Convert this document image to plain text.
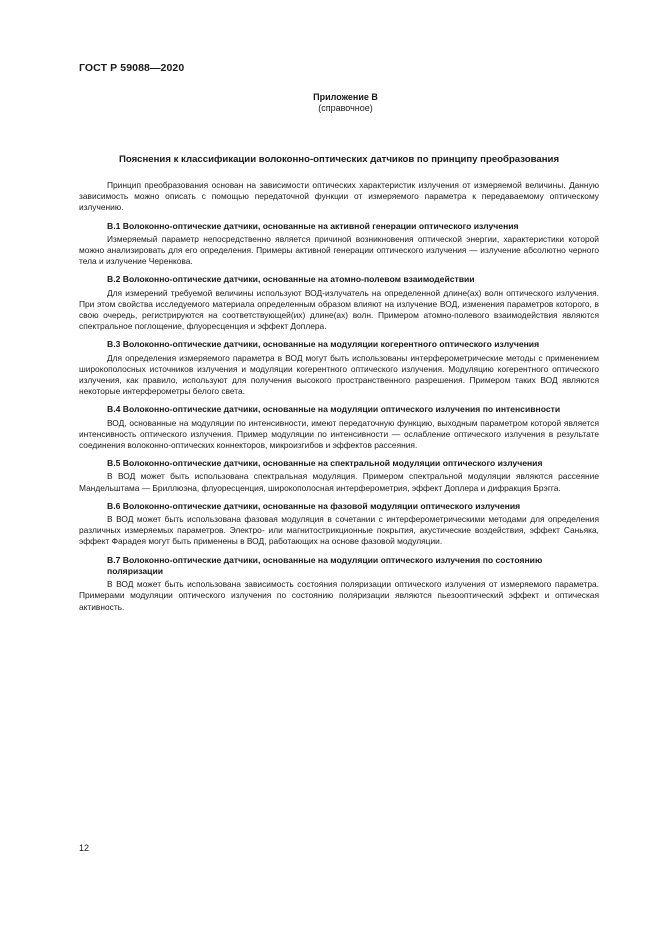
ГОСТ Р 59088—2020
Приложение В
(справочное)
Пояснения к классификации волоконно-оптических датчиков по принципу преобразования

Принцип преобразования основан на зависимости оптических характеристик излучения от измеряемой величины. Данную зависимость можно описать с помощью передаточной функции от измеряемого параметра к передаваемому оптическому излучению.

В.1 Волоконно-оптические датчики, основанные на активной генерации оптического излучения

Измеряемый параметр непосредственно является причиной возникновения оптической энергии, характеристики которой можно анализировать для его определения. Примеры активной генерации оптического излучения — излучение абсолютно черного тела и излучение Черенкова.

В.2 Волоконно-оптические датчики, основанные на атомно-полевом взаимодействии

Для измерений требуемой величины используют ВОД-излучатель на определенной длине(ах) волн оптического излучения. При этом свойства исследуемого материала определенным образом влияют на излучение ВОД, изменения параметров которого, в свою очередь, регистрируются на соответствующей(их) длине(ах) волн. Примером атомно-полевого взаимодействия являются спектральное поглощение, флуоресценция и эффект Доплера.

В.3 Волоконно-оптические датчики, основанные на модуляции когерентного оптического излучения

Для определения измеряемого параметра в ВОД могут быть использованы интерферометрические методы с применением широкополосных источников излучения и модуляции когерентного оптического излучения. Модуляцию когерентного оптического излучения, как правило, используют для получения высокого пространственного разрешения. Примером таких ВОД являются некоторые интерферометры белого света.

В.4 Волоконно-оптические датчики, основанные на модуляции оптического излучения по интенсивности

ВОД, основанные на модуляции по интенсивности, имеют передаточную функцию, выходным параметром которой является интенсивность оптического излучения. Пример модуляции по интенсивности — ослабление оптического излучения в результате соединения волоконно-оптических коннекторов, микроизгибов и эффектов рассеяния.

В.5 Волоконно-оптические датчики, основанные на спектральной модуляции оптического излучения

В ВОД может быть использована спектральная модуляция. Примером спектральной модуляции являются рассеяние Мандельштама — Бриллюэна, флуоресценция, широкополосная интерферометрия, эффект Доплера и дифракция Брэгга.

В.6 Волоконно-оптические датчики, основанные на фазовой модуляции оптического излучения

В ВОД может быть использована фазовая модуляция в сочетании с интерферометрическими методами для определения различных измеряемых параметров. Электро- или магнитострикционные покрытия, акустические воздействия, эффект Саньяка, эффект Фарадея могут быть применены в ВОД, работающих на основе фазовой модуляции.

В.7 Волоконно-оптические датчики, основанные на модуляции оптического излучения по состоянию поляризации

В ВОД может быть использована зависимость состояния поляризации оптического излучения от измеряемого параметра. Примерами модуляции оптического излучения по состоянию поляризации являются пьезооптический эффект и оптическая активность.

12
